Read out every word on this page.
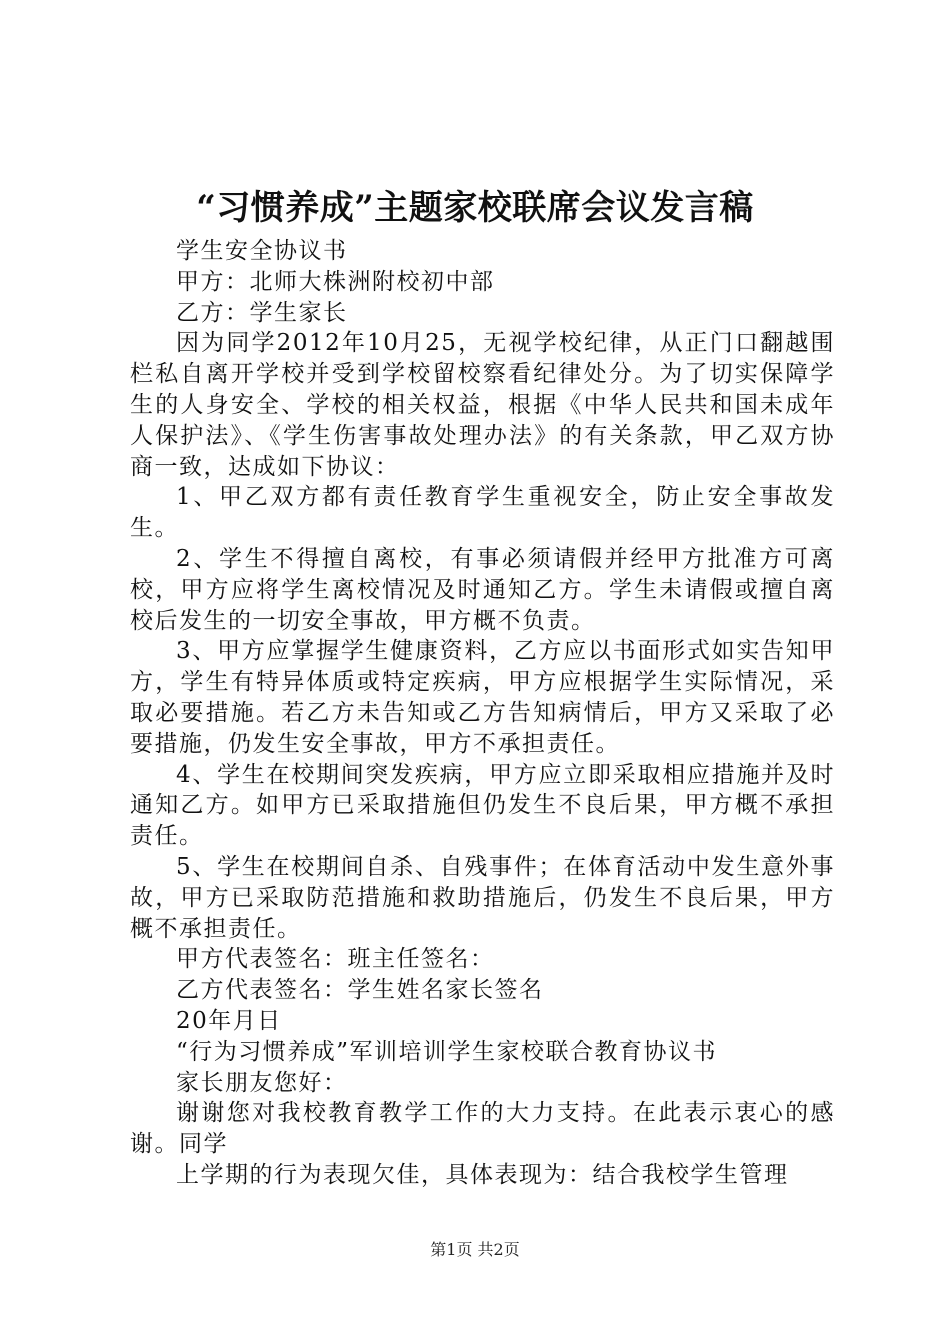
“习惯养成”主题家校联席会议发言稿

学生安全协议书

甲方：北师大株洲附校初中部

乙方：学生家长

因为同学2012年10月25，无视学校纪律，从正门口翻越围栏私自离开学校并受到学校留校察看纪律处分。为了切实保障学生的人身安全、学校的相关权益，根据《中华人民共和国未成年人保护法》、《学生伤害事故处理办法》的有关条款，甲乙双方协商一致，达成如下协议：

1、甲乙双方都有责任教育学生重视安全，防止安全事故发生。

2、学生不得擅自离校，有事必须请假并经甲方批准方可离校，甲方应将学生离校情况及时通知乙方。学生未请假或擅自离校后发生的一切安全事故，甲方概不负责。

3、甲方应掌握学生健康资料，乙方应以书面形式如实告知甲方，学生有特异体质或特定疾病，甲方应根据学生实际情况，采取必要措施。若乙方未告知或乙方告知病情后，甲方又采取了必要措施，仍发生安全事故，甲方不承担责任。

4、学生在校期间突发疾病，甲方应立即采取相应措施并及时通知乙方。如甲方已采取措施但仍发生不良后果，甲方概不承担责任。

5、学生在校期间自杀、自残事件；在体育活动中发生意外事故，甲方已采取防范措施和救助措施后，仍发生不良后果，甲方概不承担责任。

甲方代表签名：班主任签名：

乙方代表签名：学生姓名家长签名

20年月日

“行为习惯养成”军训培训学生家校联合教育协议书

家长朋友您好：

谢谢您对我校教育教学工作的大力支持。在此表示衷心的感谢。同学

上学期的行为表现欠佳，具体表现为：结合我校学生管理

第1页 共2页
